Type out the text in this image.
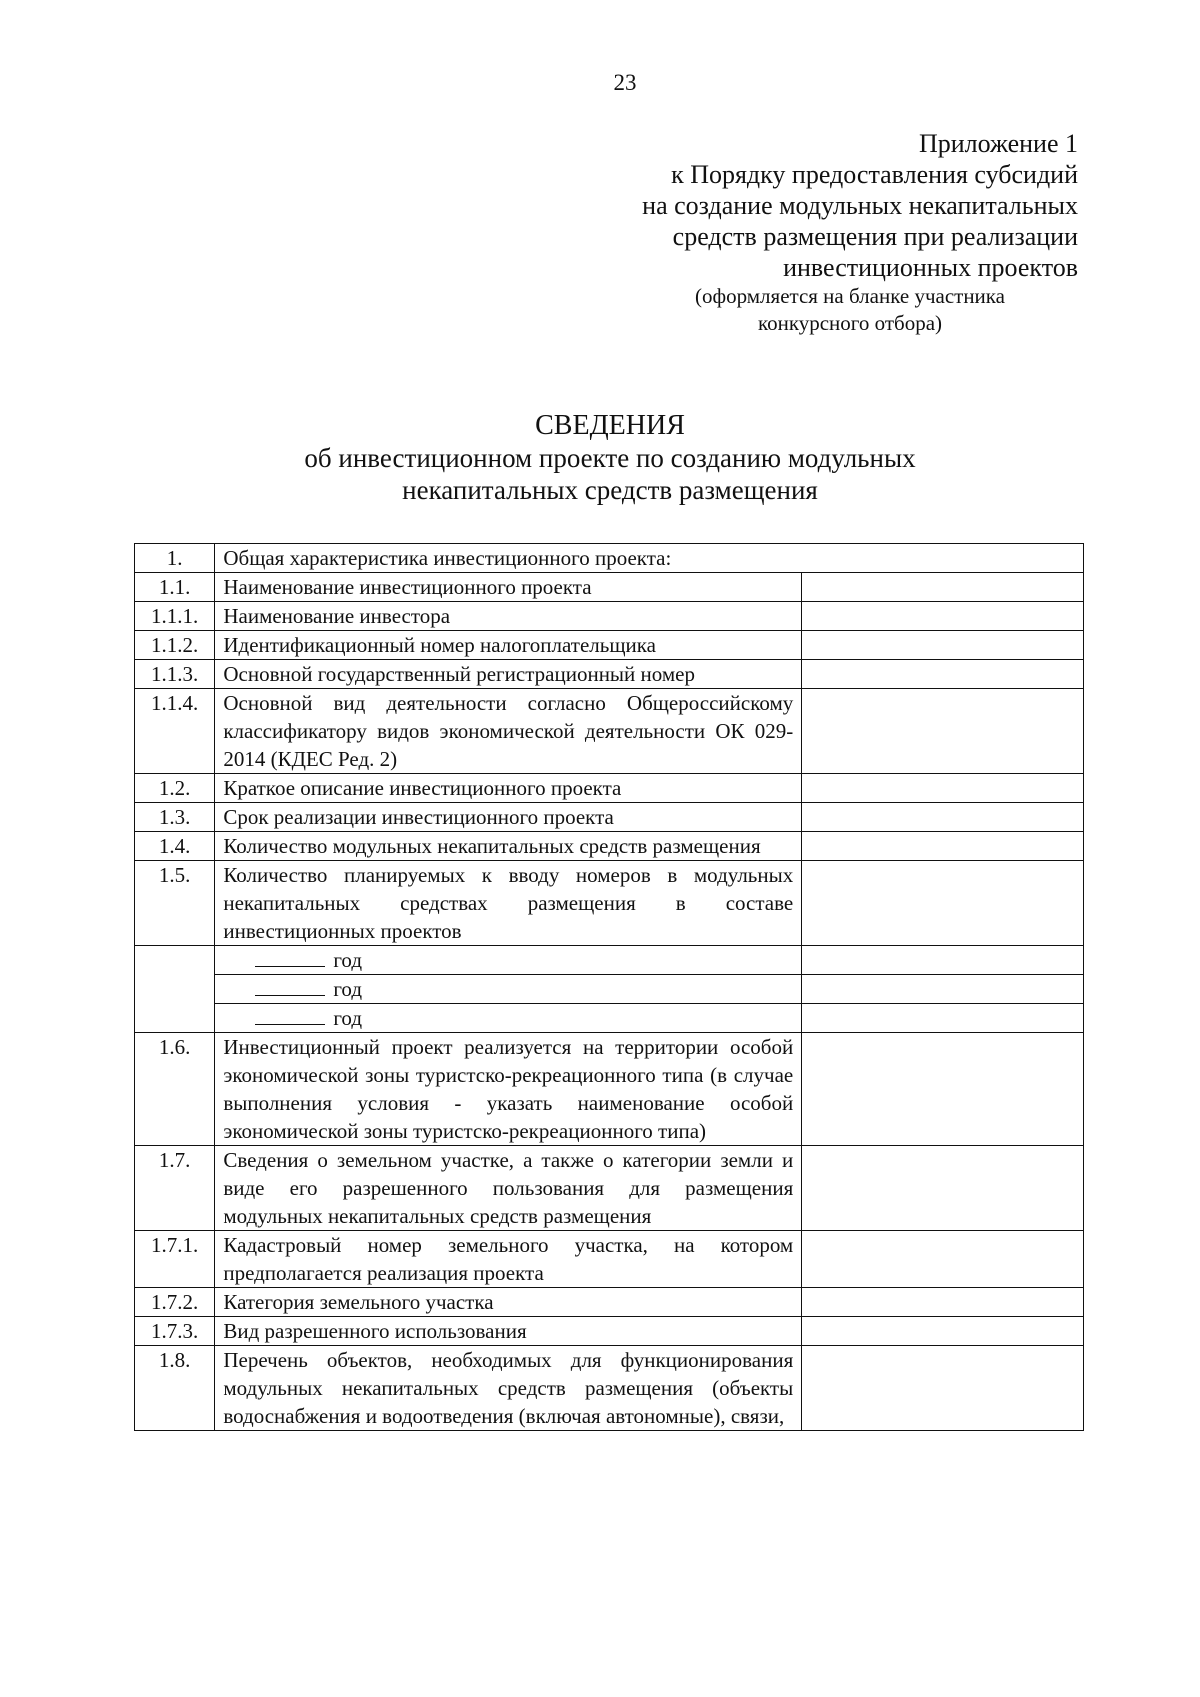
23
Приложение 1
к Порядку предоставления субсидий
на создание модульных некапитальных
средств размещения при реализации
инвестиционных проектов
(оформляется на бланке участника
конкурсного отбора)
СВЕДЕНИЯ
об инвестиционном проекте по созданию модульных
некапитальных средств размещения
1.	Общая характеристика инвестиционного проекта:	
1.1.	Наименование инвестиционного проекта	
1.1.1.	Наименование инвестора	
1.1.2.	Идентификационный номер налогоплательщика	
1.1.3.	Основной государственный регистрационный номер	
1.1.4.	Основной вид деятельности согласно Общероссийскому классификатору видов экономической деятельности ОК 029-2014 (КДЕС Ред. 2)	
1.2.	Краткое описание инвестиционного проекта	
1.3.	Срок реализации инвестиционного проекта	
1.4.	Количество модульных некапитальных средств размещения	
1.5.	Количество планируемых к вводу номеров в модульных некапитальных средствах размещения в составе инвестиционных проектов	
	год	
	год	
	год	
1.6.	Инвестиционный проект реализуется на территории особой экономической зоны туристско-рекреационного типа (в случае выполнения условия - указать наименование особой экономической зоны туристско-рекреационного типа)	
1.7.	Сведения о земельном участке, а также о категории земли и виде его разрешенного пользования для размещения модульных некапитальных средств размещения	
1.7.1.	Кадастровый номер земельного участка, на котором предполагается реализация проекта	
1.7.2.	Категория земельного участка	
1.7.3.	Вид разрешенного использования	
1.8.	Перечень объектов, необходимых для функционирования модульных некапитальных средств размещения (объекты водоснабжения и водоотведения (включая автономные), связи,	
